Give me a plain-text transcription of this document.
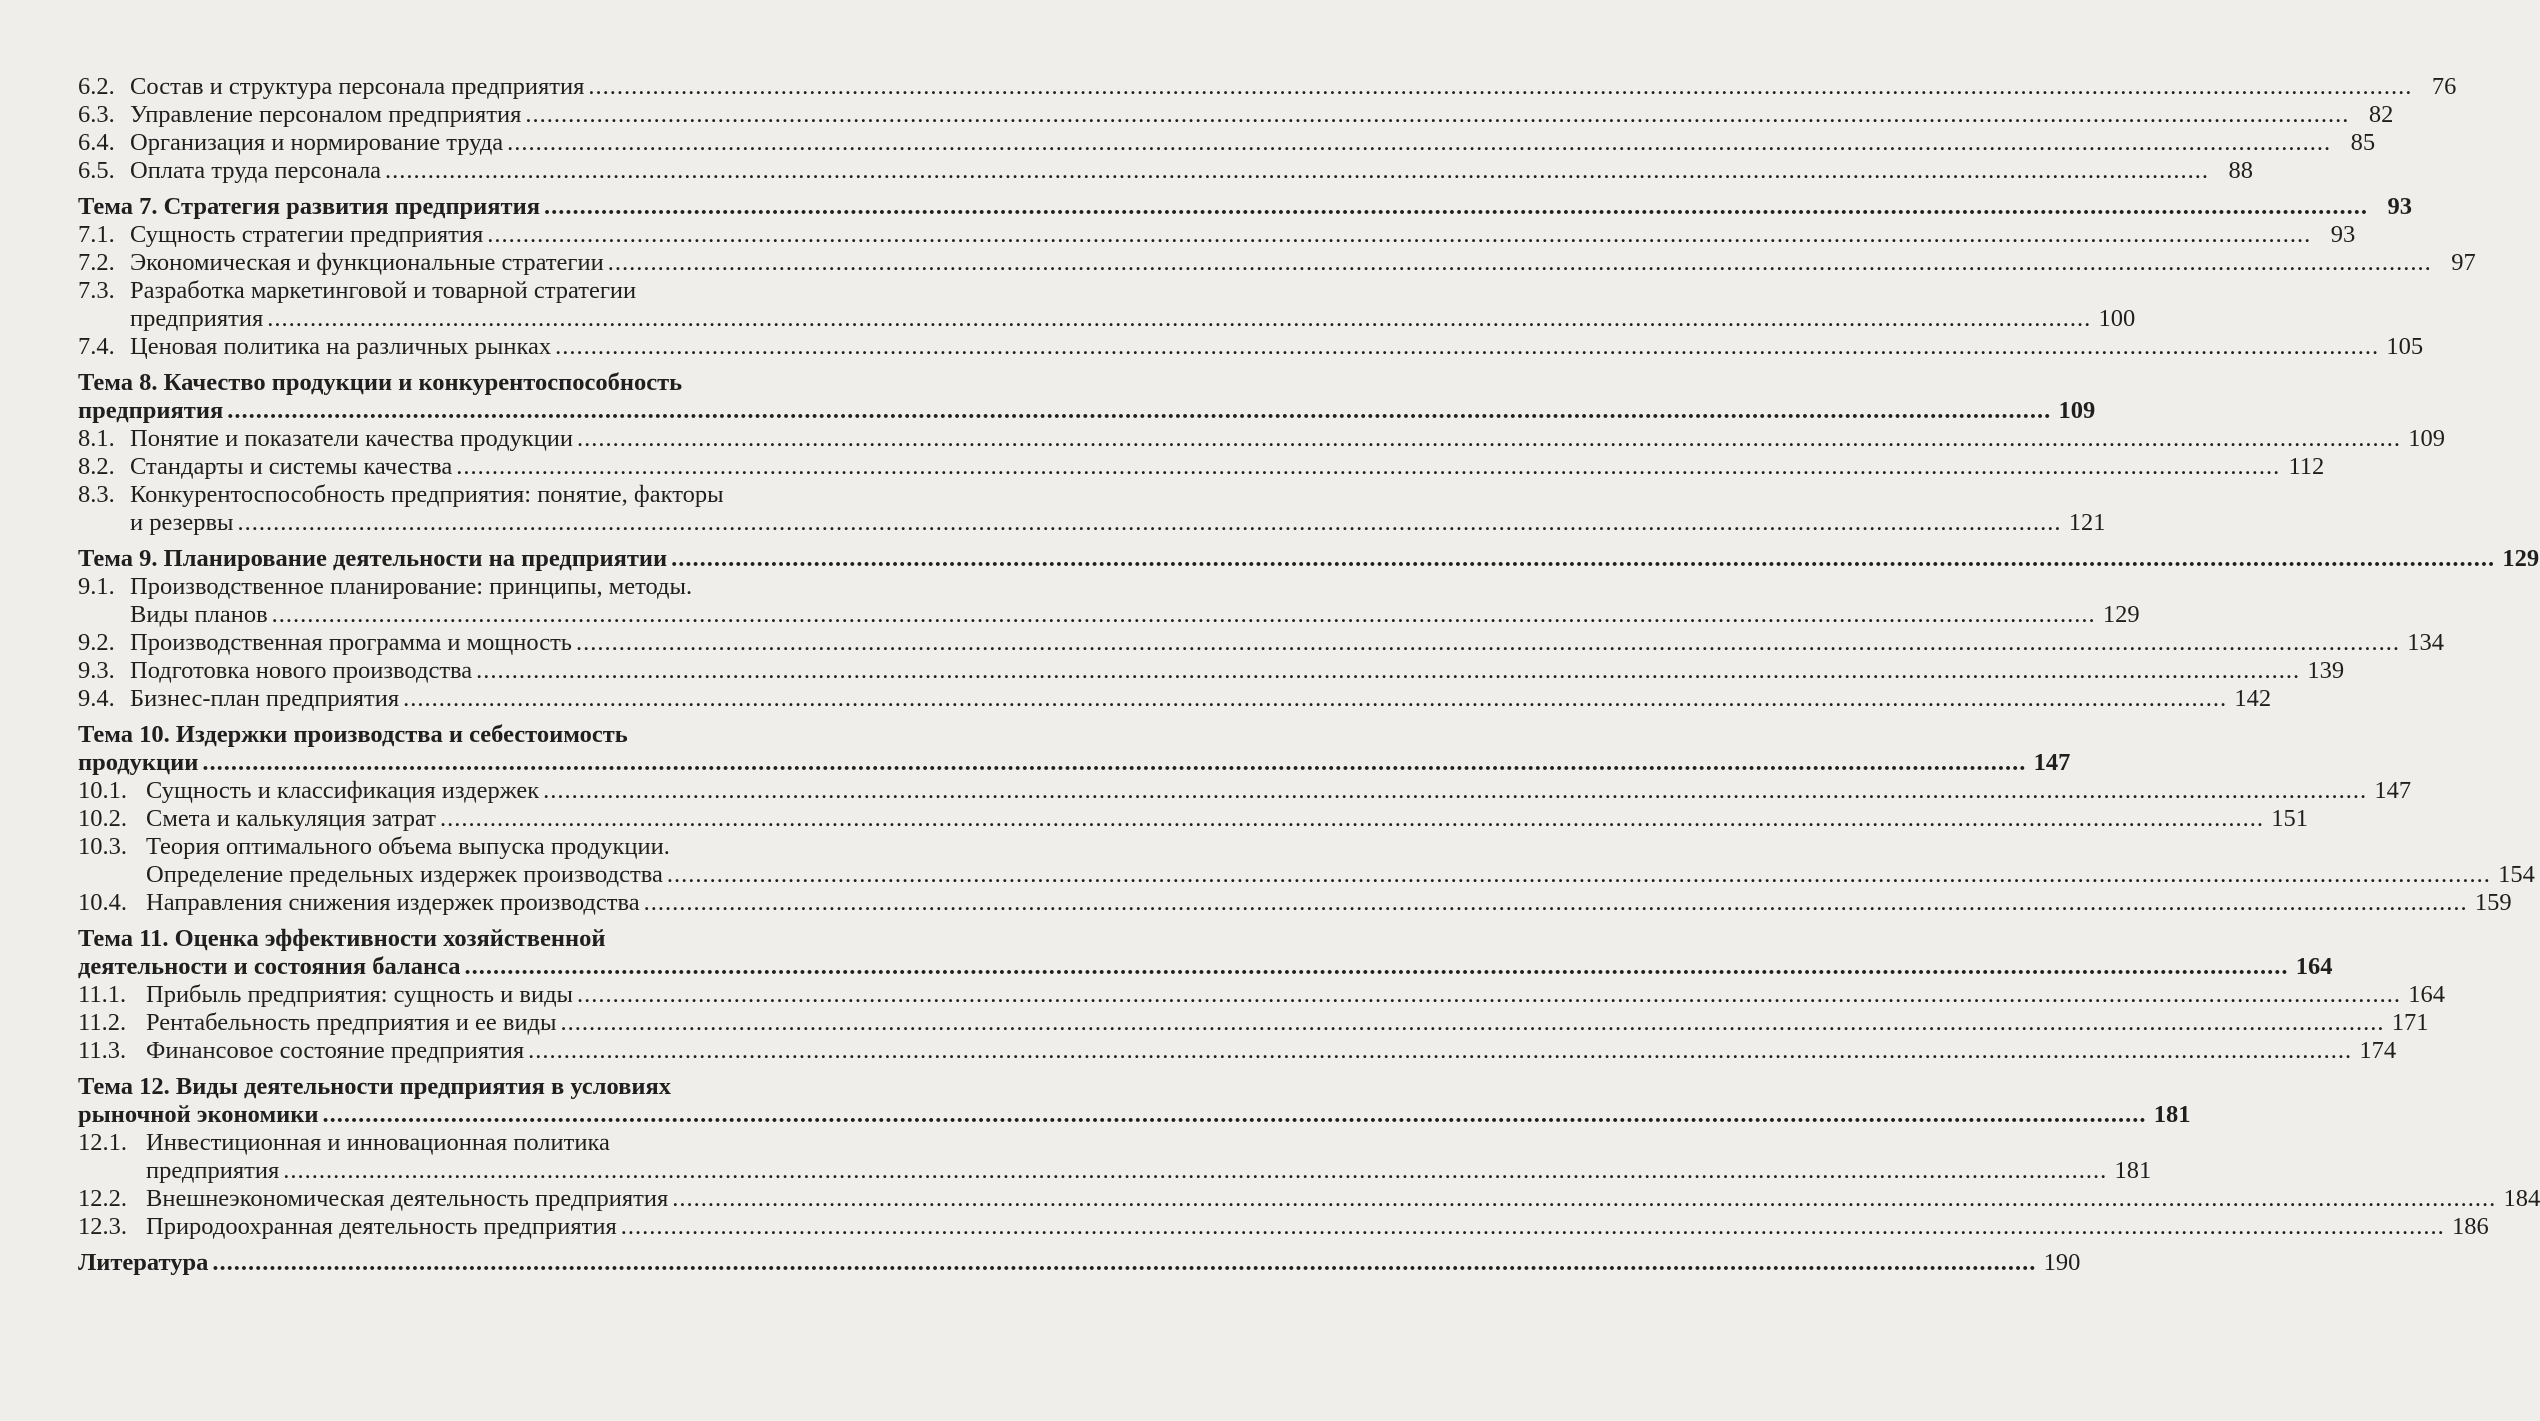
6.2. Состав и структура персонала предприятия .....	76
6.3. Управление персоналом предприятия .....	82
6.4. Организация и нормирование труда .....	85
6.5. Оплата труда персонала .....	88
Тема 7. Стратегия развития предприятия .....	93
7.1. Сущность стратегии предприятия .....	93
7.2. Экономическая и функциональные стратегии .....	97
7.3. Разработка маркетинговой и товарной стратегии
предприятия .....	100
7.4. Ценовая политика на различных рынках .....	105
Тема 8. Качество продукции и конкурентоспособность
предприятия .....	109
8.1. Понятие и показатели качества продукции .....	109
8.2. Стандарты и системы качества .....	112
8.3. Конкурентоспособность предприятия: понятие, факторы
и резервы .....	121
Тема 9. Планирование деятельности на предприятии .....	129
9.1. Производственное планирование: принципы, методы.
Виды планов .....	129
9.2. Производственная программа и мощность .....	134
9.3. Подготовка нового производства .....	139
9.4. Бизнес-план предприятия .....	142
Тема 10. Издержки производства и себестоимость
продукции .....	147
10.1. Сущность и классификация издержек .....	147
10.2. Смета и калькуляция затрат .....	151
10.3. Теория оптимального объема выпуска продукции.
Определение предельных издержек производства .....	154
10.4. Направления снижения издержек производства .....	159
Тема 11. Оценка эффективности хозяйственной
деятельности и состояния баланса .....	164
11.1. Прибыль предприятия: сущность и виды .....	164
11.2. Рентабельность предприятия и ее виды .....	171
11.3. Финансовое состояние предприятия .....	174
Тема 12. Виды деятельности предприятия в условиях
рыночной экономики .....	181
12.1. Инвестиционная и инновационная политика
предприятия .....	181
12.2. Внешнеэкономическая деятельность предприятия .....	184
12.3. Природоохранная деятельность предприятия .....	186
Литература .....	190
